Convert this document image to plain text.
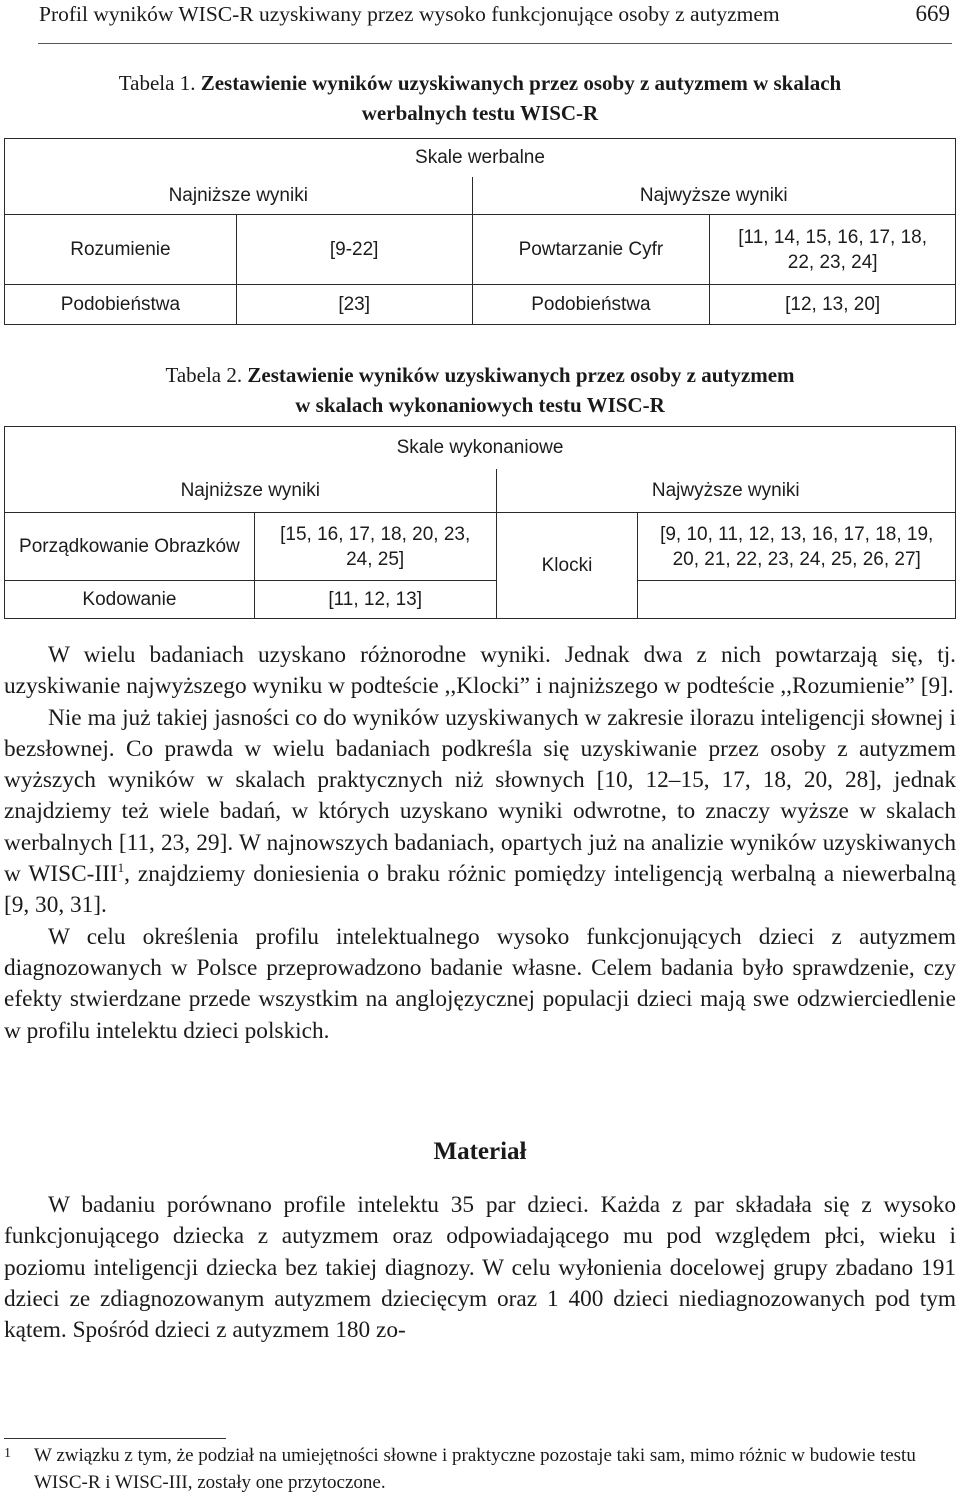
Profil wyników WISC-R uzyskiwany przez wysoko funkcjonujące osoby z autyzmem	669
Tabela 1. Zestawienie wyników uzyskiwanych przez osoby z autyzmem w skalach
werbalnych testu WISC-R
Skale werbalne			
Najniższe wyniki		Najwyższe wyniki	
Rozumienie	[9-22]	Powtarzanie Cyfr	[11, 14, 15, 16, 17, 18,
22, 23, 24]
Podobieństwa	[23]	Podobieństwa	[12, 13, 20]
Tabela 2. Zestawienie wyników uzyskiwanych przez osoby z autyzmem
w skalach wykonaniowych testu WISC-R
Skale wykonaniowe			
Najniższe wyniki		Najwyższe wyniki	
Porządkowanie Obrazków	[15, 16, 17, 18, 20, 23,
24, 25]	Klocki	[9, 10, 11, 12, 13, 16, 17, 18, 19,
20, 21, 22, 23, 24, 25, 26, 27]
Kodowanie	[11, 12, 13]		

W wielu badaniach uzyskano różnorodne wyniki. Jednak dwa z nich powtarzają się, tj. uzyskiwanie najwyższego wyniku w podteście ,,Klocki” i najniższego w podteście ,,Rozumienie” [9].

Nie ma już takiej jasności co do wyników uzyskiwanych w zakresie ilorazu inteligencji słownej i bezsłownej. Co prawda w wielu badaniach podkreśla się uzyskiwanie przez osoby z autyzmem wyższych wyników w skalach praktycznych niż słownych [10, 12–15, 17, 18, 20, 28], jednak znajdziemy też wiele badań, w których uzyskano wyniki odwrotne, to znaczy wyższe w skalach werbalnych [11, 23, 29]. W najnowszych badaniach, opartych już na analizie wyników uzyskiwanych w WISC-III$^1$, znajdziemy doniesienia o braku różnic pomiędzy inteligencją werbalną a niewerbalną [9, 30, 31].

W celu określenia profilu intelektualnego wysoko funkcjonujących dzieci z autyzmem diagnozowanych w Polsce przeprowadzono badanie własne. Celem badania było sprawdzenie, czy efekty stwierdzane przede wszystkim na anglojęzycznej populacji dzieci mają swe odzwierciedlenie w profilu intelektu dzieci polskich.

Materiał

W badaniu porównano profile intelektu 35 par dzieci. Każda z par składała się z wysoko funkcjonującego dziecka z autyzmem oraz odpowiadającego mu pod względem płci, wieku i poziomu inteligencji dziecka bez takiej diagnozy. W celu wyłonienia docelowej grupy zbadano 191 dzieci ze zdiagnozowanym autyzmem dziecięcym oraz 1 400 dzieci niediagnozowanych pod tym kątem. Spośród dzieci z autyzmem 180 zo-

1 W związku z tym, że podział na umiejętności słowne i praktyczne pozostaje taki sam, mimo różnic w budowie testu WISC-R i WISC-III, zostały one przytoczone.
